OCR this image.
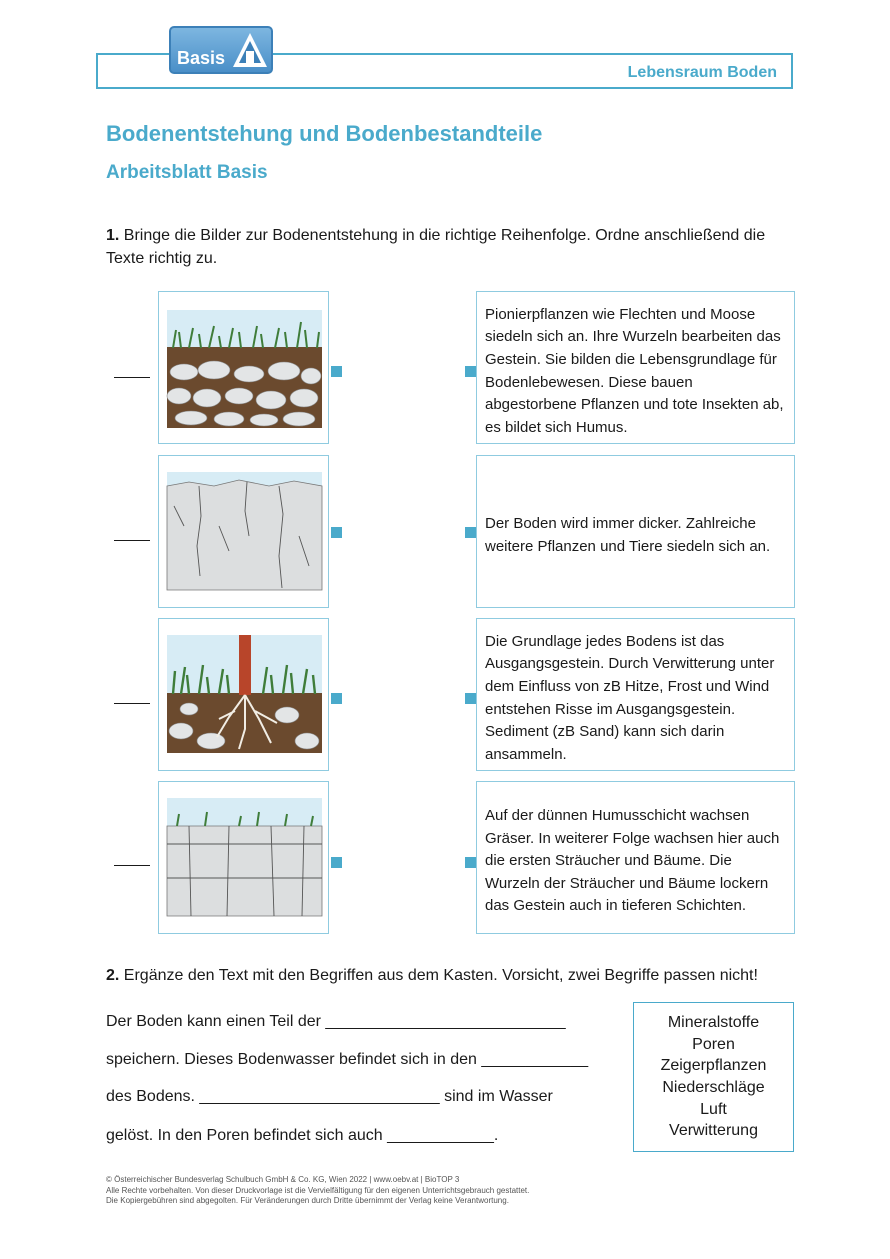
Lebensraum Boden
Basis
Bodenentstehung und Bodenbestandteile
Arbeitsblatt Basis
1. Bringe die Bilder zur Bodenentstehung in die richtige Reihenfolge. Ordne anschließend die Texte richtig zu.
Pionierpflanzen wie Flechten und Moose siedeln sich an. Ihre Wurzeln bearbeiten das Gestein. Sie bilden die Lebensgrundlage für Bodenlebewesen. Diese bauen abgestorbene Pflanzen und tote Insekten ab, es bildet sich Humus.
Der Boden wird immer dicker. Zahlreiche weitere Pflanzen und Tiere siedeln sich an.
Die Grundlage jedes Bodens ist das Ausgangsgestein. Durch Verwitterung unter dem Einfluss von zB Hitze, Frost und Wind entstehen Risse im Ausgangsgestein. Sediment (zB Sand) kann sich darin ansammeln.
Auf der dünnen Humusschicht wachsen Gräser. In weiterer Folge wachsen hier auch die ersten Sträucher und Bäume. Die Wurzeln der Sträucher und Bäume lockern das Gestein auch in tieferen Schichten.
2. Ergänze den Text mit den Begriffen aus dem Kasten. Vorsicht, zwei Begriffe passen nicht!
Der Boden kann einen Teil der ___________________________
speichern. Dieses Bodenwasser befindet sich in den ____________
des Bodens. ___________________________ sind im Wasser
gelöst. In den Poren befindet sich auch ____________.
Mineralstoffe
Poren
Zeigerpflanzen
Niederschläge
Luft
Verwitterung
© Österreichischer Bundesverlag Schulbuch GmbH & Co. KG, Wien 2022 | www.oebv.at | BioTOP 3
Alle Rechte vorbehalten. Von dieser Druckvorlage ist die Vervielfältigung für den eigenen Unterrichtsgebrauch gestattet.
Die Kopiergebühren sind abgegolten. Für Veränderungen durch Dritte übernimmt der Verlag keine Verantwortung.
